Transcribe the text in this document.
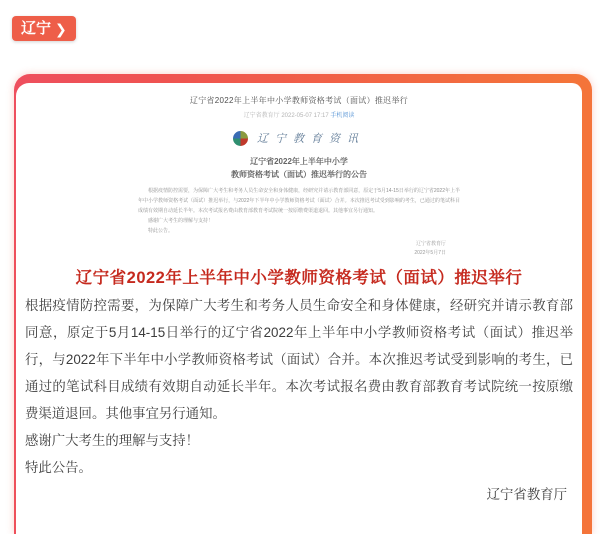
辽宁 ❯
辽宁省2022年上半年中小学教师资格考试（面试）推迟举行
辽宁省教育厅 2022-05-07 17:17 手机阅读
辽宁教育资讯
辽宁省2022年上半年中小学
教师资格考试（面试）推迟举行的公告

根据疫情防控需要，为保障广大考生和考务人员生命安全和身体健康，经研究并请示教育部同意，原定于5月14-15日举行的辽宁省2022年上半年中小学教师资格考试（面试）推迟举行，与2022年下半年中小学教师资格考试（面试）合并。本次推迟考试受到影响的考生，已通过的笔试科目成绩有效期自动延长半年。本次考试报名费由教育部教育考试院统一按原缴费渠道退回。其他事宜另行通知。

感谢广大考生的理解与支持！

特此公告。

辽宁省教育厅
2022年5月7日
辽宁省2022年上半年中小学教师资格考试（面试）推迟举行

根据疫情防控需要，为保障广大考生和考务人员生命安全和身体健康，经研究并请示教育部同意，原定于5月14-15日举行的辽宁省2022年上半年中小学教师资格考试（面试）推迟举行，与2022年下半年中小学教师资格考试（面试）合并。本次推迟考试受到影响的考生，已通过的笔试科目成绩有效期自动延长半年。本次考试报名费由教育部教育考试院统一按原缴费渠道退回。其他事宜另行通知。

感谢广大考生的理解与支持！

特此公告。

辽宁省教育厅
